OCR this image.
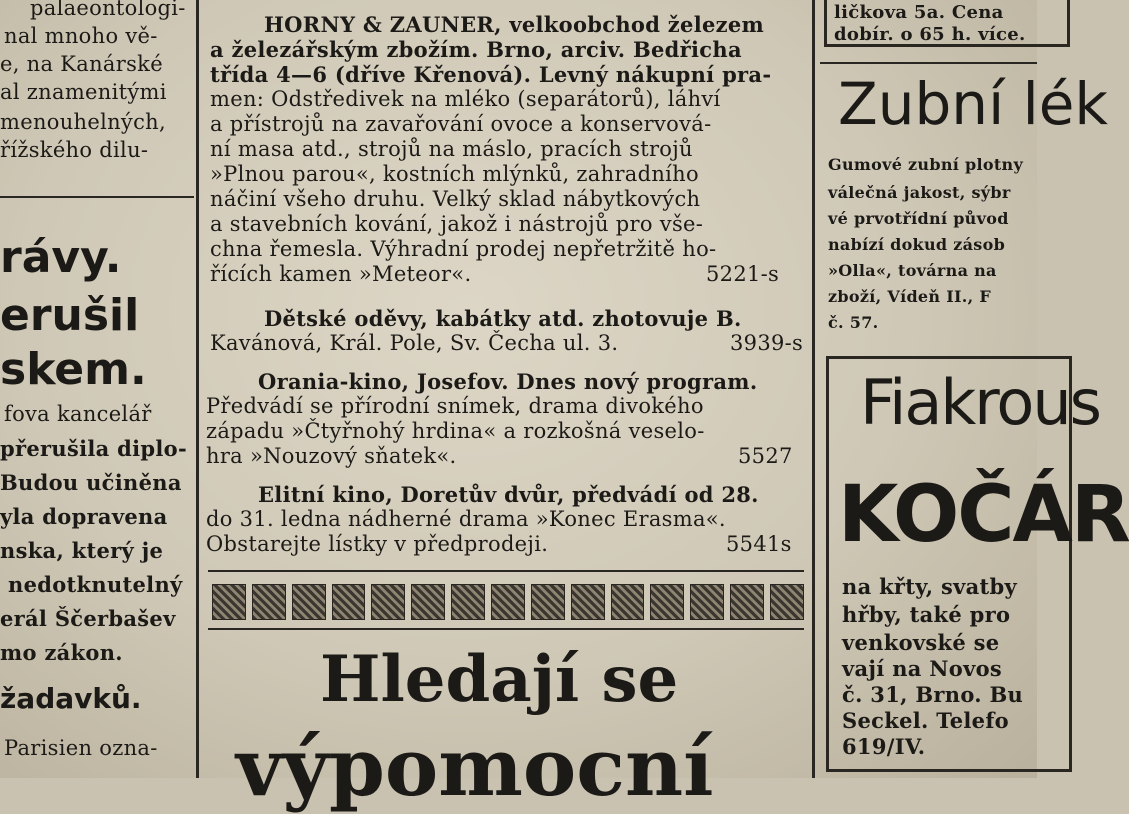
palaeontologi-
nal mnoho vě-
e, na Kanárské
al znamenitými
menouhelných,
řížského dilu-
rávy.
erušil
skem.
fova kancelář
přerušila diplo-
Budou učiněna
yla dopravena
nska, který je
nedotknutelný
erál Ščerbašev
mo zákon.
žadavků.
Parisien ozna-
HORNY & ZAUNER, velkoobchod železem
a železářským zbožím. Brno, arciv. Bedřicha
třída 4—6 (dříve Křenová). Levný nákupní pra-
men: Odstředivek na mléko (separátorů), láhví
a přístrojů na zavařování ovoce a konservová-
ní masa atd., strojů na máslo, pracích strojů
»Plnou parou«, kostních mlýnků, zahradního
náčiní všeho druhu. Velký sklad nábytkových
a stavebních kování, jakož i nástrojů pro vše-
chna řemesla. Výhradní prodej nepřetržitě ho-
řících kamen »Meteor«.	5221-s
Dětské oděvy, kabátky atd. zhotovuje B.
Kavánová, Král. Pole, Sv. Čecha ul. 3.	3939-s
Orania-kino, Josefov. Dnes nový program.
Předvádí se přírodní snímek, drama divokého
západu »Čtyřnohý hrdina« a rozkošná veselo-
hra »Nouzový sňatek«.	5527
Elitní kino, Doretův dvůr, předvádí od 28.
do 31. ledna nádherné drama »Konec Erasma«.
Obstarejte lístky v předprodeji.	5541s
Hledají se
výpomocní
ličkova 5a. Cena
dobír. o 65 h. více.
Zubní lék
Gumové zubní plotny
válečná jakost, sýbr
vé prvotřídní původ
nabízí dokud zásob
»Olla«, továrna na
zboží, Vídeň II., F
č. 57.
Fiakrous
KOČÁR
na křty, svatby
hřby, také pro
venkovské se
vají na Novos
č. 31, Brno. Bu
Seckel. Telefo
619/IV.
